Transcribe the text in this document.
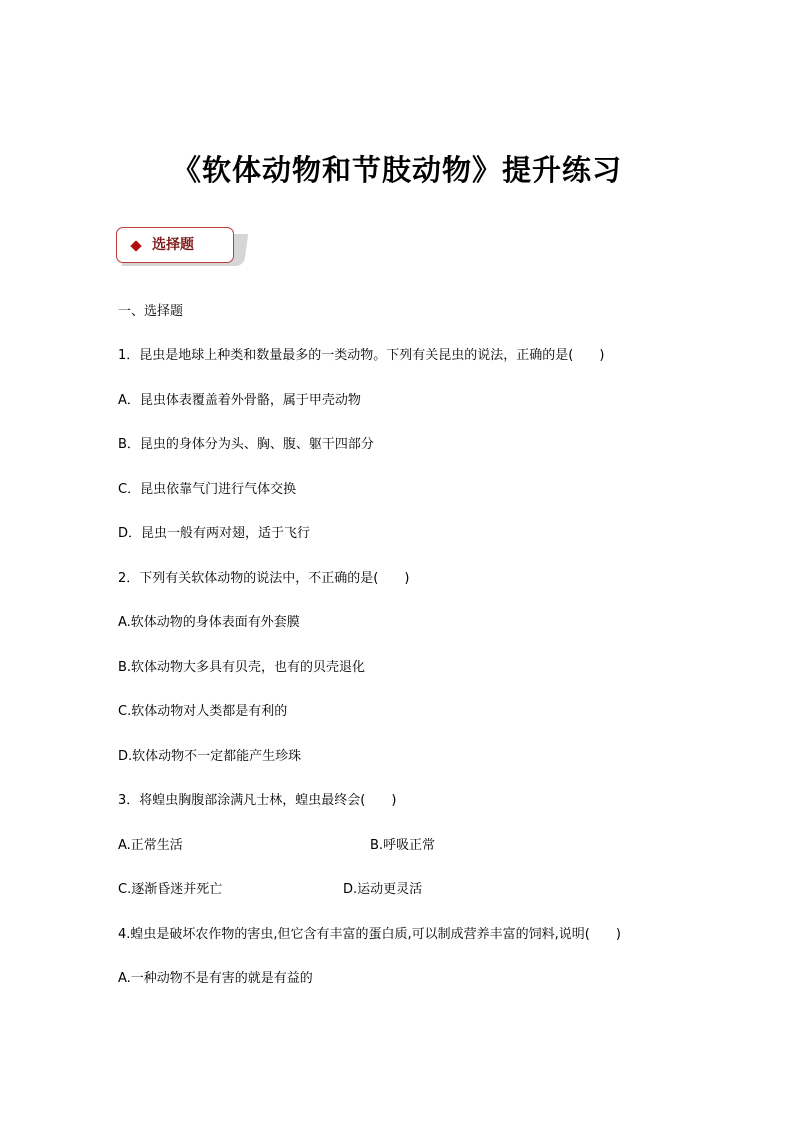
《软体动物和节肢动物》提升练习
选择题
一、选择题
1．昆虫是地球上种类和数量最多的一类动物。下列有关昆虫的说法，正确的是(　　)
A．昆虫体表覆盖着外骨骼，属于甲壳动物
B．昆虫的身体分为头、胸、腹、躯干四部分
C．昆虫依靠气门进行气体交换
D．昆虫一般有两对翅，适于飞行
2．下列有关软体动物的说法中，不正确的是(　　)
A.软体动物的身体表面有外套膜
B.软体动物大多具有贝壳，也有的贝壳退化
C.软体动物对人类都是有利的
D.软体动物不一定都能产生珍珠
3．将蝗虫胸腹部涂满凡士林，蝗虫最终会(　　)
A.正常生活	B.呼吸正常
C.逐渐昏迷并死亡	D.运动更灵活
4.蝗虫是破坏农作物的害虫,但它含有丰富的蛋白质,可以制成营养丰富的饲料,说明(　　)
A.一种动物不是有害的就是有益的
